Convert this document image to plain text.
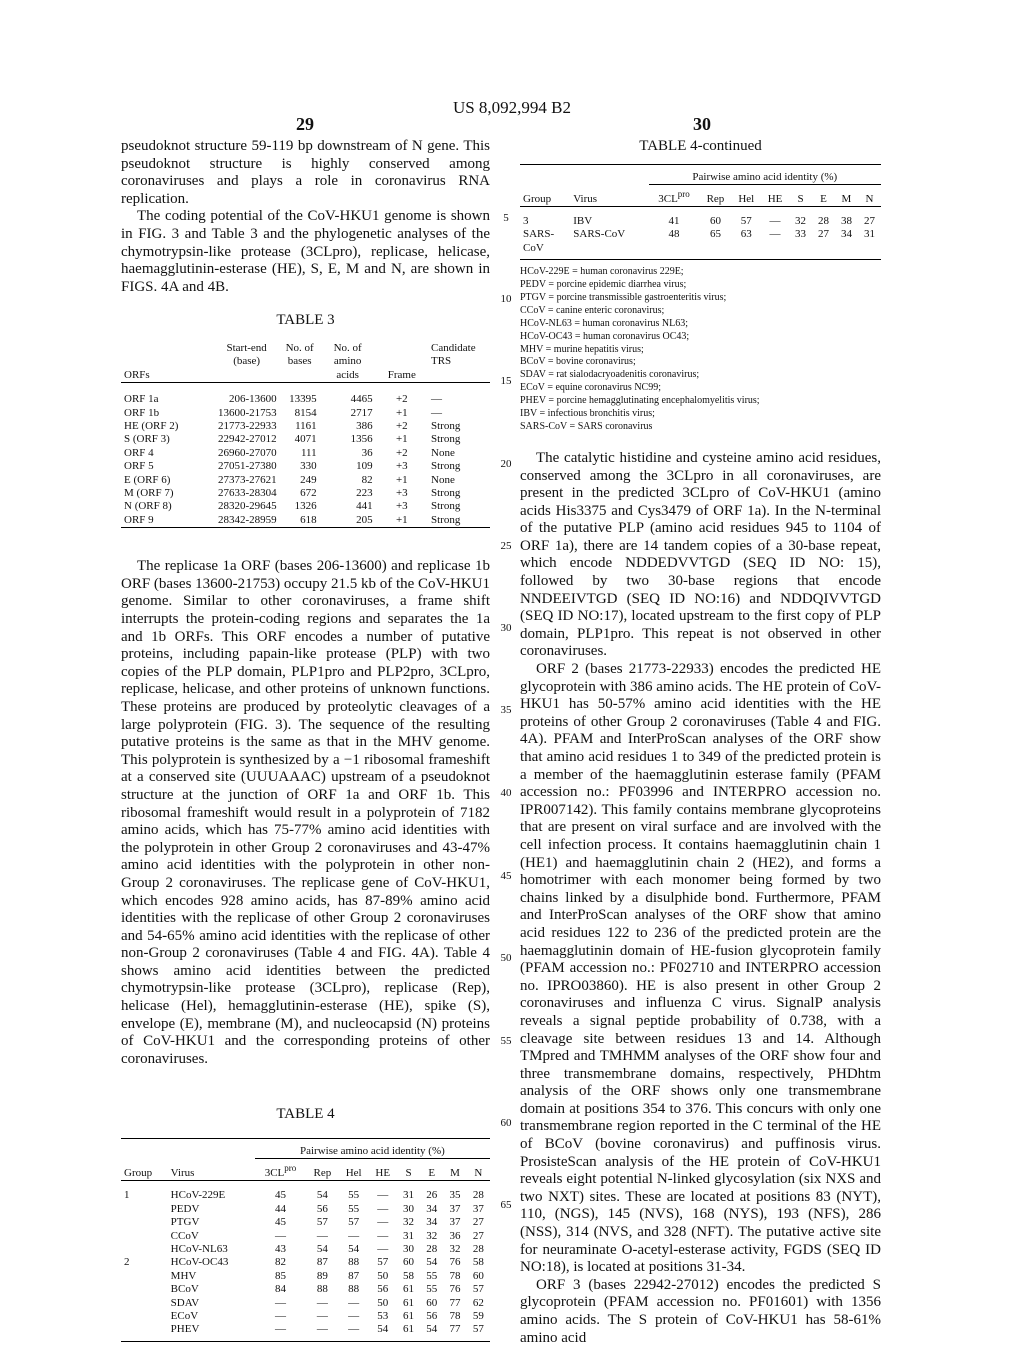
US 8,092,994 B2
29	30

pseudoknot structure 59-119 bp downstream of N gene. This pseudoknot structure is highly conserved among coronaviruses and plays a role in coronavirus RNA replication.

The coding potential of the CoV-HKU1 genome is shown in FIG. 3 and Table 3 and the phylogenetic analyses of the chymotrypsin-like protease (3CLpro), replicase, helicase, haemagglutinin-esterase (HE), S, E, M and N, are shown in FIGS. 4A and 4B.

TABLE 3
ORFs	Start-end (base)	No. of bases	No. of amino acids	Frame	Candidate TRS

ORF 1a	206-13600	13395	4465	+2	—
ORF 1b	13600-21753	8154	2717	+1	—
HE (ORF 2)	21773-22933	1161	386	+2	Strong
S (ORF 3)	22942-27012	4071	1356	+1	Strong
ORF 4	26960-27070	111	36	+2	None
ORF 5	27051-27380	330	109	+3	Strong
E (ORF 6)	27373-27621	249	82	+1	None
M (ORF 7)	27633-28304	672	223	+3	Strong
N (ORF 8)	28320-29645	1326	441	+3	Strong
ORF 9	28342-28959	618	205	+1	Strong

The replicase 1a ORF (bases 206-13600) and replicase 1b ORF (bases 13600-21753) occupy 21.5 kb of the CoV-HKU1 genome. Similar to other coronaviruses, a frame shift interrupts the protein-coding regions and separates the 1a and 1b ORFs. This ORF encodes a number of putative proteins, including papain-like protease (PLP) with two copies of the PLP domain, PLP1pro and PLP2pro, 3CLpro, replicase, helicase, and other proteins of unknown functions. These proteins are produced by proteolytic cleavages of a large polyprotein (FIG. 3). The sequence of the resulting putative proteins is the same as that in the MHV genome. This polyprotein is synthesized by a −1 ribosomal frameshift at a conserved site (UUUAAAC) upstream of a pseudoknot structure at the junction of ORF 1a and ORF 1b. This ribosomal frameshift would result in a polyprotein of 7182 amino acids, which has 75-77% amino acid identities with the polyprotein in other Group 2 coronaviruses and 43-47% amino acid identities with the polyprotein in other non-Group 2 coronaviruses. The replicase gene of CoV-HKU1, which encodes 928 amino acids, has 87-89% amino acid identities with the replicase of other Group 2 coronaviruses and 54-65% amino acid identities with the replicase of other non-Group 2 coronaviruses (Table 4 and FIG. 4A). Table 4 shows amino acid identities between the predicted chymotrypsin-like protease (3CLpro), replicase (Rep), helicase (Hel), hemagglutinin-esterase (HE), spike (S), envelope (E), membrane (M), and nucleocapsid (N) proteins of CoV-HKU1 and the corresponding proteins of other coronaviruses.

TABLE 4

		Pairwise amino acid identity (%)							

Group	Virus	$3CL^{pro}$	Rep	Hel	HE	S	E	M	N

1	HCoV-229E	45	54	55	—	31	26	35	28
	PEDV	44	56	55	—	30	34	37	37
	PTGV	45	57	57	—	32	34	37	27
	CCoV	—	—	—	—	31	32	36	27
	HCoV-NL63	43	54	54	—	30	28	32	28
2	HCoV-OC43	82	87	88	57	60	54	76	58
	MHV	85	89	87	50	58	55	78	60
	BCoV	84	88	88	56	61	55	76	57
	SDAV	—	—	—	50	61	60	77	62
	ECoV	—	—	—	53	61	56	78	59
	PHEV	—	—	—	54	61	54	77	57

5
10
15
20
25
30
35
40
45
50
55
60
65
TABLE 4-continued

		Pairwise amino acid identity (%)							

Group	Virus	$3CL^{pro}$	Rep	Hel	HE	S	E	M	N

3	IBV	41	60	57	—	32	28	38	27
SARS-	SARS-CoV	48	65	63	—	33	27	34	31
CoV									

HCoV-229E = human coronavirus 229E;
PEDV = porcine epidemic diarrhea virus;
PTGV = porcine transmissible gastroenteritis virus;
CCoV = canine enteric coronavirus;
HCoV-NL63 = human coronavirus NL63;
HCoV-OC43 = human coronavirus OC43;
MHV = murine hepatitis virus;
BCoV = bovine coronavirus;
SDAV = rat sialodacryoadenitis coronavirus;
ECoV = equine coronavirus NC99;
PHEV = porcine hemagglutinating encephalomyelitis virus;
IBV = infectious bronchitis virus;
SARS-CoV = SARS coronavirus

The catalytic histidine and cysteine amino acid residues, conserved among the 3CLpro in all coronaviruses, are present in the predicted 3CLpro of CoV-HKU1 (amino acids His3375 and Cys3479 of ORF 1a). In the N-terminal of the putative PLP (amino acid residues 945 to 1104 of ORF 1a), there are 14 tandem copies of a 30-base repeat, which encode NDDEDVVTGD (SEQ ID NO: 15), followed by two 30-base regions that encode NNDEEIVTGD (SEQ ID NO:16) and NDDQIVVTGD (SEQ ID NO:17), located upstream to the first copy of PLP domain, PLP1pro. This repeat is not observed in other coronaviruses.

ORF 2 (bases 21773-22933) encodes the predicted HE glycoprotein with 386 amino acids. The HE protein of CoV-HKU1 has 50-57% amino acid identities with the HE proteins of other Group 2 coronaviruses (Table 4 and FIG. 4A). PFAM and InterProScan analyses of the ORF show that amino acid residues 1 to 349 of the predicted protein is a member of the haemagglutinin esterase family (PFAM accession no.: PF03996 and INTERPRO accession no. IPR007142). This family contains membrane glycoproteins that are present on viral surface and are involved with the cell infection process. It contains haemagglutinin chain 1 (HE1) and haemagglutinin chain 2 (HE2), and forms a homotrimer with each monomer being formed by two chains linked by a disulphide bond. Furthermore, PFAM and InterProScan analyses of the ORF show that amino acid residues 122 to 236 of the predicted protein are the haemagglutinin domain of HE-fusion glycoprotein family (PFAM accession no.: PF02710 and INTERPRO accession no. IPRO03860). HE is also present in other Group 2 coronaviruses and influenza C virus. SignalP analysis reveals a signal peptide probability of 0.738, with a cleavage site between residues 13 and 14. Although TMpred and TMHMM analyses of the ORF show four and three transmembrane domains, respectively, PHDhtm analysis of the ORF shows only one transmembrane domain at positions 354 to 376. This concurs with only one transmembrane region reported in the C terminal of the HE of BCoV (bovine coronavirus) and puffinosis virus. ProsisteScan analysis of the HE protein of CoV-HKU1 reveals eight potential N-linked glycosylation (six NXS and two NXT) sites. These are located at positions 83 (NYT), 110, (NGS), 145 (NVS), 168 (NYS), 193 (NFS), 286 (NSS), 314 (NVS, and 328 (NFT). The putative active site for neuraminate O-acetyl-esterase activity, FGDS (SEQ ID NO:18), is located at positions 31-34.

ORF 3 (bases 22942-27012) encodes the predicted S glycoprotein (PFAM accession no. PF01601) with 1356 amino acids. The S protein of CoV-HKU1 has 58-61% amino acid
